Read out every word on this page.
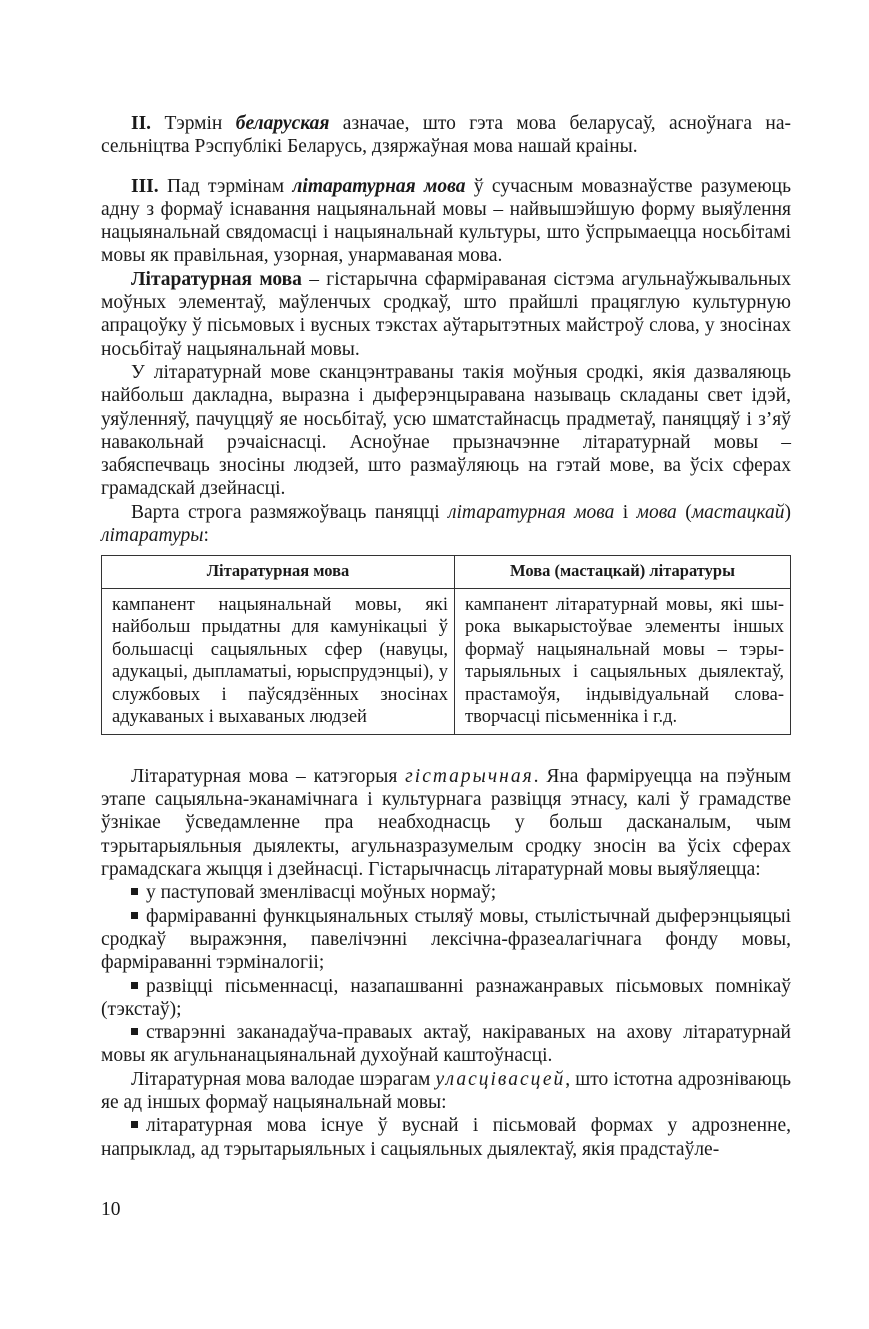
II. Тэрмін беларуская азначае, што гэта мова беларусаў, асноўнага насельніцтва Рэспублікі Беларусь, дзяржаўная мова нашай краіны.

III. Пад тэрмінам літаратурная мова ў сучасным мовазнаўстве разумеюць адну з формаў існавання нацыянальнай мовы – найвышэйшую форму выяўлення нацыянальнай свядомасці і нацыянальнай культуры, што ўспрымаецца носьбітамі мовы як правільная, узорная, унармаваная мова.

Літаратурная мова – гістарычна сфарміраваная сістэма агульнаўжывальных моўных элементаў, маўленчых сродкаў, што прайшлі працяглую культурную апрацоўку ў пісьмовых і вусных тэкстах аўтарытэтных майстроў слова, у зносінах носьбітаў нацыянальнай мовы.

У літаратурнай мове сканцэнтраваны такія моўныя сродкі, якія дазваляюць найбольш дакладна, выразна і дыферэнцыравана называць складаны свет ідэй, уяўленняў, пачуццяў яе носьбітаў, усю шматстайнасць прадметаў, паняццяў і з’яў навакольнай рэчаіснасці. Асноўнае прызначэнне літаратурнай мовы – забяспечваць зносіны людзей, што размаўляюць на гэтай мове, ва ўсіх сферах грамадскай дзейнасці.

Варта строга размяжоўваць паняцці літаратурная мова і мова (мастацкай) літаратуры:

Літаратурная мова	Мова (мастацкай) літаратуры
кампанент нацыянальнай мовы, які найбольш прыдатны для камунікацыі ў большасці сацыяльных сфер (навуцы, адукацыі, дыпламатыі, юрыспрудэнцыі), у службовых і паўсядзённых зносінах адукаваных і выхаваных людзей	кампанент літаратурнай мовы, які шырока выкарыстоўвае элементы іншых формаў нацыянальнай мовы – тэрытарыяльных і сацыяльных дыялектаў, прастамоўя, індывідуальнай словатворчасці пісьменніка і г.д.

Літаратурная мова – катэгорыя гістарычная. Яна фарміруецца на пэўным этапе сацыяльна-эканамічнага і культурнага развіцця этнасу, калі ў грамадстве ўзнікае ўсведамленне пра неабходнасць у больш дасканалым, чым тэрытарыяльныя дыялекты, агульназразумелым сродку зносін ва ўсіх сферах грамадскага жыцця і дзейнасці. Гістарычнасць літаратурнай мовы выяўляецца:

у паступовай зменлівасці моўных нормаў;

фарміраванні функцыянальных стыляў мовы, стылістычнай дыферэнцыяцыі сродкаў выражэння, павелічэнні лексічна-фразеалагічнага фонду мовы, фарміраванні тэрміналогіі;

развіцці пісьменнасці, назапашванні разнажанравых пісьмовых помнікаў (тэкстаў);

стварэнні заканадаўча-праваых актаў, накіраваных на ахову літаратурнай мовы як агульнанацыянальнай духоўнай каштоўнасці.

Літаратурная мова валодае шэрагам уласцівасцей, што істотна адрозніваюць яе ад іншых формаў нацыянальнай мовы:

літаратурная мова існуе ў вуснай і пісьмовай формах у адрозненне, напрыклад, ад тэрытарыяльных і сацыяльных дыялектаў, якія прадстаўле-

10
